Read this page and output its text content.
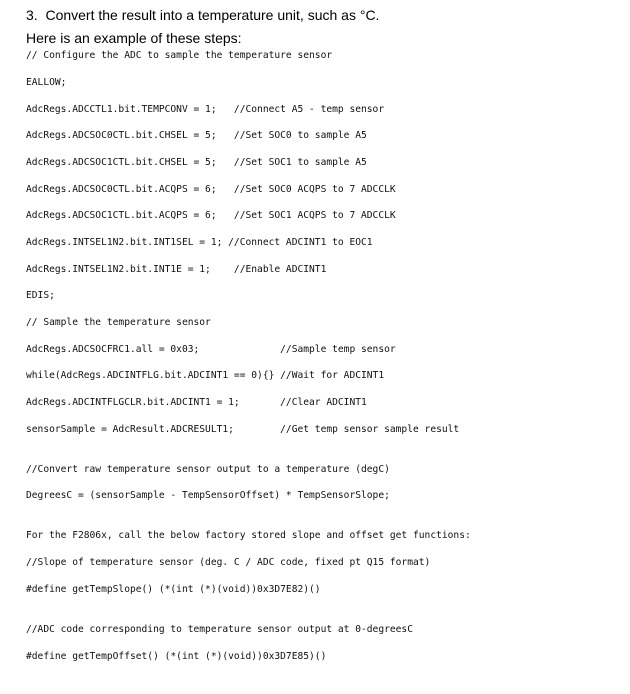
3.  Convert the result into a temperature unit, such as °C.
Here is an example of these steps:
// Configure the ADC to sample the temperature sensor
EALLOW;
AdcRegs.ADCCTL1.bit.TEMPCONV = 1;   //Connect A5 - temp sensor
AdcRegs.ADCSOC0CTL.bit.CHSEL = 5;   //Set SOC0 to sample A5
AdcRegs.ADCSOC1CTL.bit.CHSEL = 5;   //Set SOC1 to sample A5
AdcRegs.ADCSOC0CTL.bit.ACQPS = 6;   //Set SOC0 ACQPS to 7 ADCCLK
AdcRegs.ADCSOC1CTL.bit.ACQPS = 6;   //Set SOC1 ACQPS to 7 ADCCLK
AdcRegs.INTSEL1N2.bit.INT1SEL = 1; //Connect ADCINT1 to EOC1
AdcRegs.INTSEL1N2.bit.INT1E = 1;    //Enable ADCINT1
EDIS;
// Sample the temperature sensor
AdcRegs.ADCSOCFRC1.all = 0x03;              //Sample temp sensor
while(AdcRegs.ADCINTFLG.bit.ADCINT1 == 0){} //Wait for ADCINT1
AdcRegs.ADCINTFLGCLR.bit.ADCINT1 = 1;       //Clear ADCINT1
sensorSample = AdcResult.ADCRESULT1;        //Get temp sensor sample result
//Convert raw temperature sensor output to a temperature (degC)
DegreesC = (sensorSample - TempSensorOffset) * TempSensorSlope;
For the F2806x, call the below factory stored slope and offset get functions:
//Slope of temperature sensor (deg. C / ADC code, fixed pt Q15 format)
#define getTempSlope() (*(int (*)(void))0x3D7E82)()
//ADC code corresponding to temperature sensor output at 0-degreesC
#define getTempOffset() (*(int (*)(void))0x3D7E85)()
